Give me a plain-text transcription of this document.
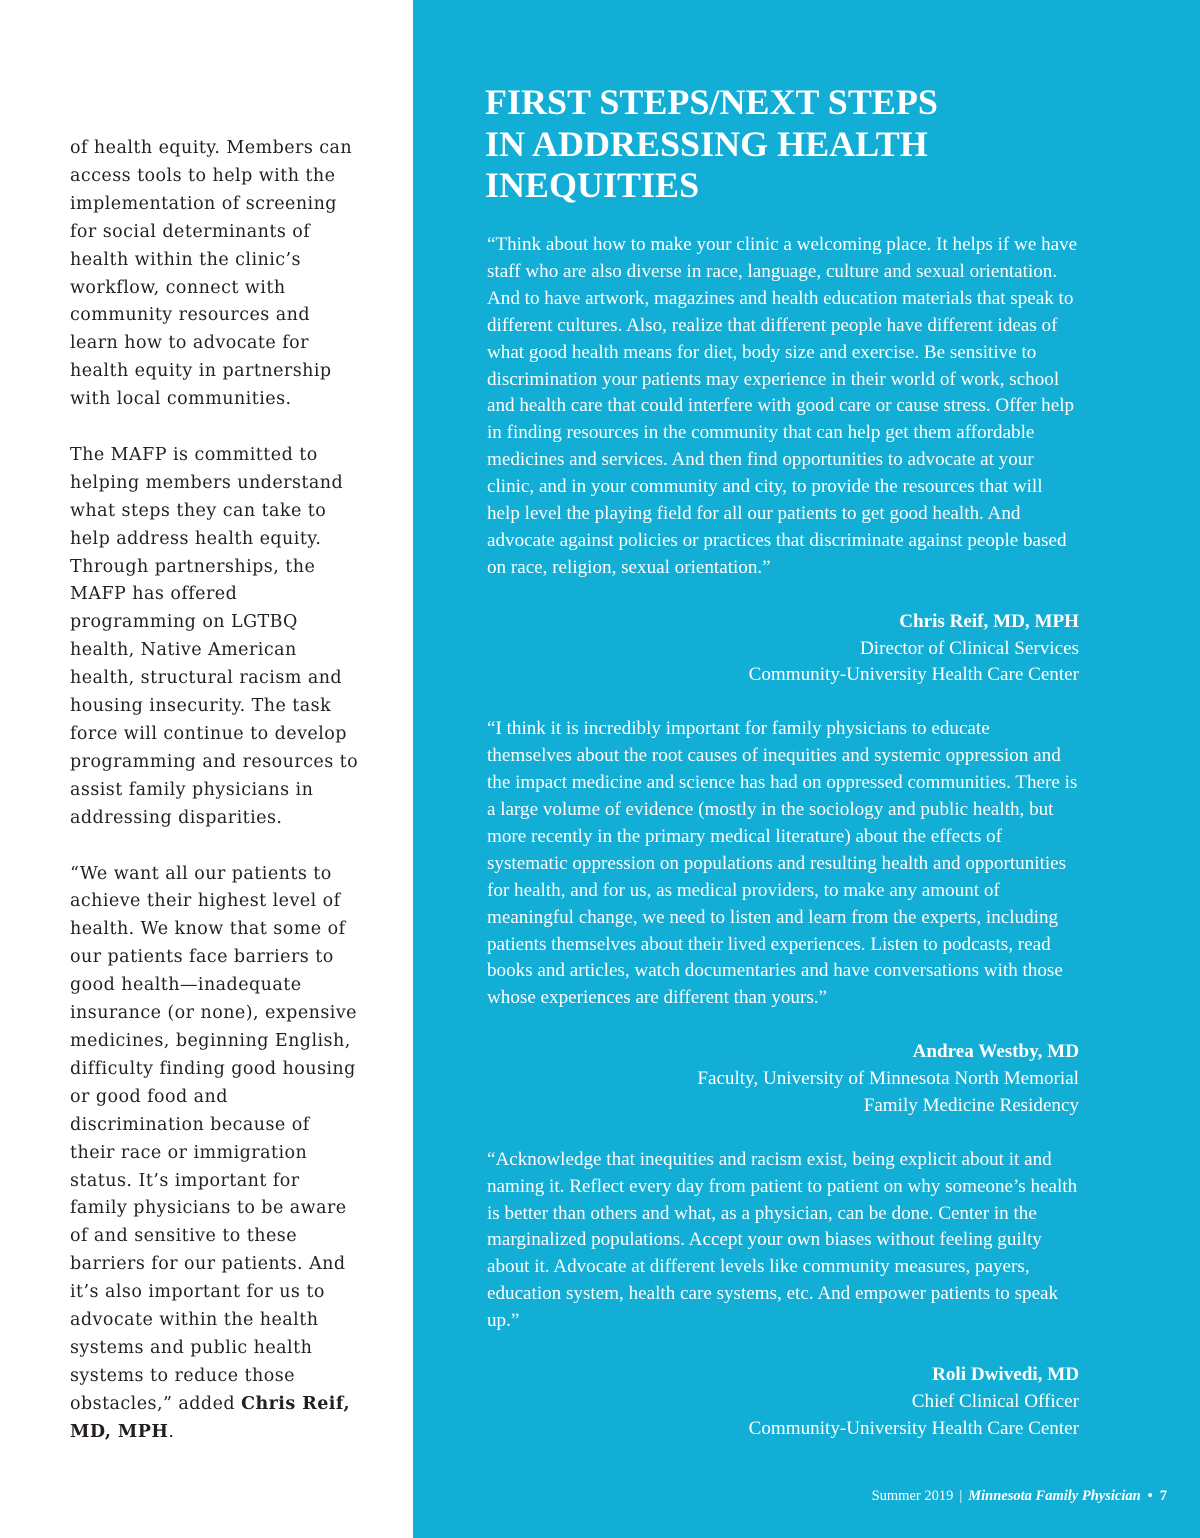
of health equity. Members can access tools to help with the implementation of screening for social determinants of health within the clinic’s workflow, connect with community resources and learn how to advocate for health equity in partnership with local communities.

The MAFP is committed to helping members understand what steps they can take to help address health equity. Through partnerships, the MAFP has offered programming on LGTBQ health, Native American health, structural racism and housing insecurity. The task force will continue to develop programming and resources to assist family physicians in addressing disparities.

“We want all our patients to achieve their highest level of health. We know that some of our patients face barriers to good health—inadequate insurance (or none), expensive medicines, beginning English, difficulty finding good housing or good food and discrimination because of their race or immigration status. It’s important for family physicians to be aware of and sensitive to these barriers for our patients. And it’s also important for us to advocate within the health systems and public health systems to reduce those obstacles,” added Chris Reif, MD, MPH.

FIRST STEPS/NEXT STEPS IN ADDRESSING HEALTH INEQUITIES

“Think about how to make your clinic a welcoming place. It helps if we have staff who are also diverse in race, language, culture and sexual orientation. And to have artwork, magazines and health education materials that speak to different cultures. Also, realize that different people have different ideas of what good health means for diet, body size and exercise. Be sensitive to discrimination your patients may experience in their world of work, school and health care that could interfere with good care or cause stress. Offer help in finding resources in the community that can help get them affordable medicines and services. And then find opportunities to advocate at your clinic, and in your community and city, to provide the resources that will help level the playing field for all our patients to get good health. And advocate against policies or practices that discriminate against people based on race, religion, sexual orientation.”

Chris Reif, MD, MPH
Director of Clinical Services
Community-University Health Care Center

“I think it is incredibly important for family physicians to educate themselves about the root causes of inequities and systemic oppression and the impact medicine and science has had on oppressed communities. There is a large volume of evidence (mostly in the sociology and public health, but more recently in the primary medical literature) about the effects of systematic oppression on populations and resulting health and opportunities for health, and for us, as medical providers, to make any amount of meaningful change, we need to listen and learn from the experts, including patients themselves about their lived experiences. Listen to podcasts, read books and articles, watch documentaries and have conversations with those whose experiences are different than yours.”

Andrea Westby, MD
Faculty, University of Minnesota North Memorial
Family Medicine Residency

“Acknowledge that inequities and racism exist, being explicit about it and naming it. Reflect every day from patient to patient on why someone’s health is better than others and what, as a physician, can be done. Center in the marginalized populations. Accept your own biases without feeling guilty about it. Advocate at different levels like community measures, payers, education system, health care systems, etc. And empower patients to speak up.”

Roli Dwivedi, MD
Chief Clinical Officer
Community-University Health Care Center
Summer 2019 | Minnesota Family Physician • 7
